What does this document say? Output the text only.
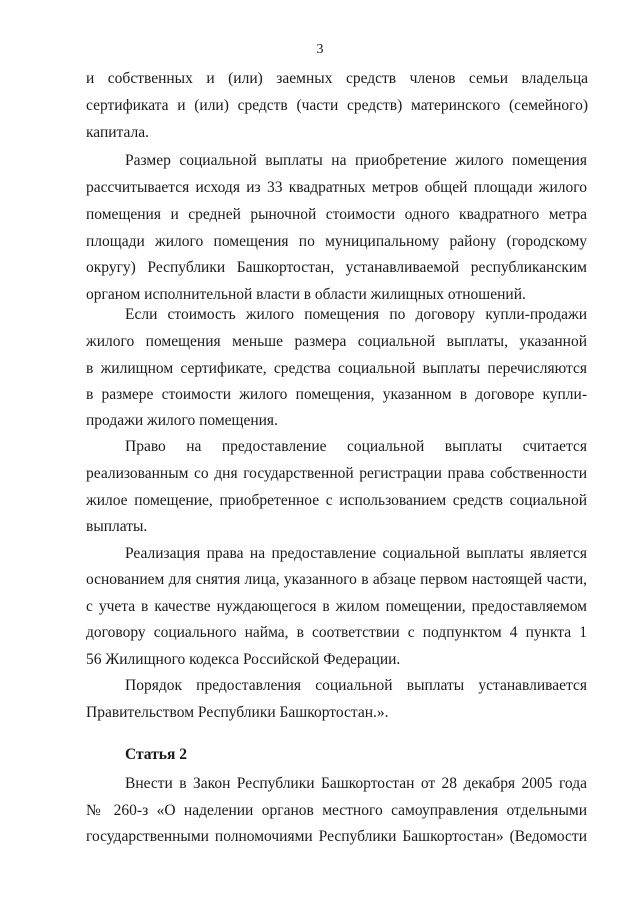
3
и собственных и (или) заемных средств членов семьи владельца
сертификата и (или) средств (части средств) материнского (семейного)
капитала.
Размер социальной выплаты на приобретение жилого помещения
рассчитывается исходя из 33 квадратных метров общей площади жилого
помещения и средней рыночной стоимости одного квадратного метра
площади жилого помещения по муниципальному району (городскому
округу) Республики Башкортостан, устанавливаемой республиканским
органом исполнительной власти в области жилищных отношений.
Если стоимость жилого помещения по договору купли-продажи
жилого помещения меньше размера социальной выплаты, указанной
в жилищном сертификате, средства социальной выплаты перечисляются
в размере стоимости жилого помещения, указанном в договоре купли-
продажи жилого помещения.
Право на предоставление социальной выплаты считается
реализованным со дня государственной регистрации права собственности
жилое помещение, приобретенное с использованием средств социальной
выплаты.
Реализация права на предоставление социальной выплаты является
основанием для снятия лица, указанного в абзаце первом настоящей части,
с учета в качестве нуждающегося в жилом помещении, предоставляемом
договору социального найма, в соответствии с подпунктом 4 пункта 1
56 Жилищного кодекса Российской Федерации.
Порядок предоставления социальной выплаты устанавливается
Правительством Республики Башкортостан.».
Статья 2
Внести в Закон Республики Башкортостан от 28 декабря 2005 года
№ 260-з «О наделении органов местного самоуправления отдельными
государственными полномочиями Республики Башкортостан» (Ведомости
